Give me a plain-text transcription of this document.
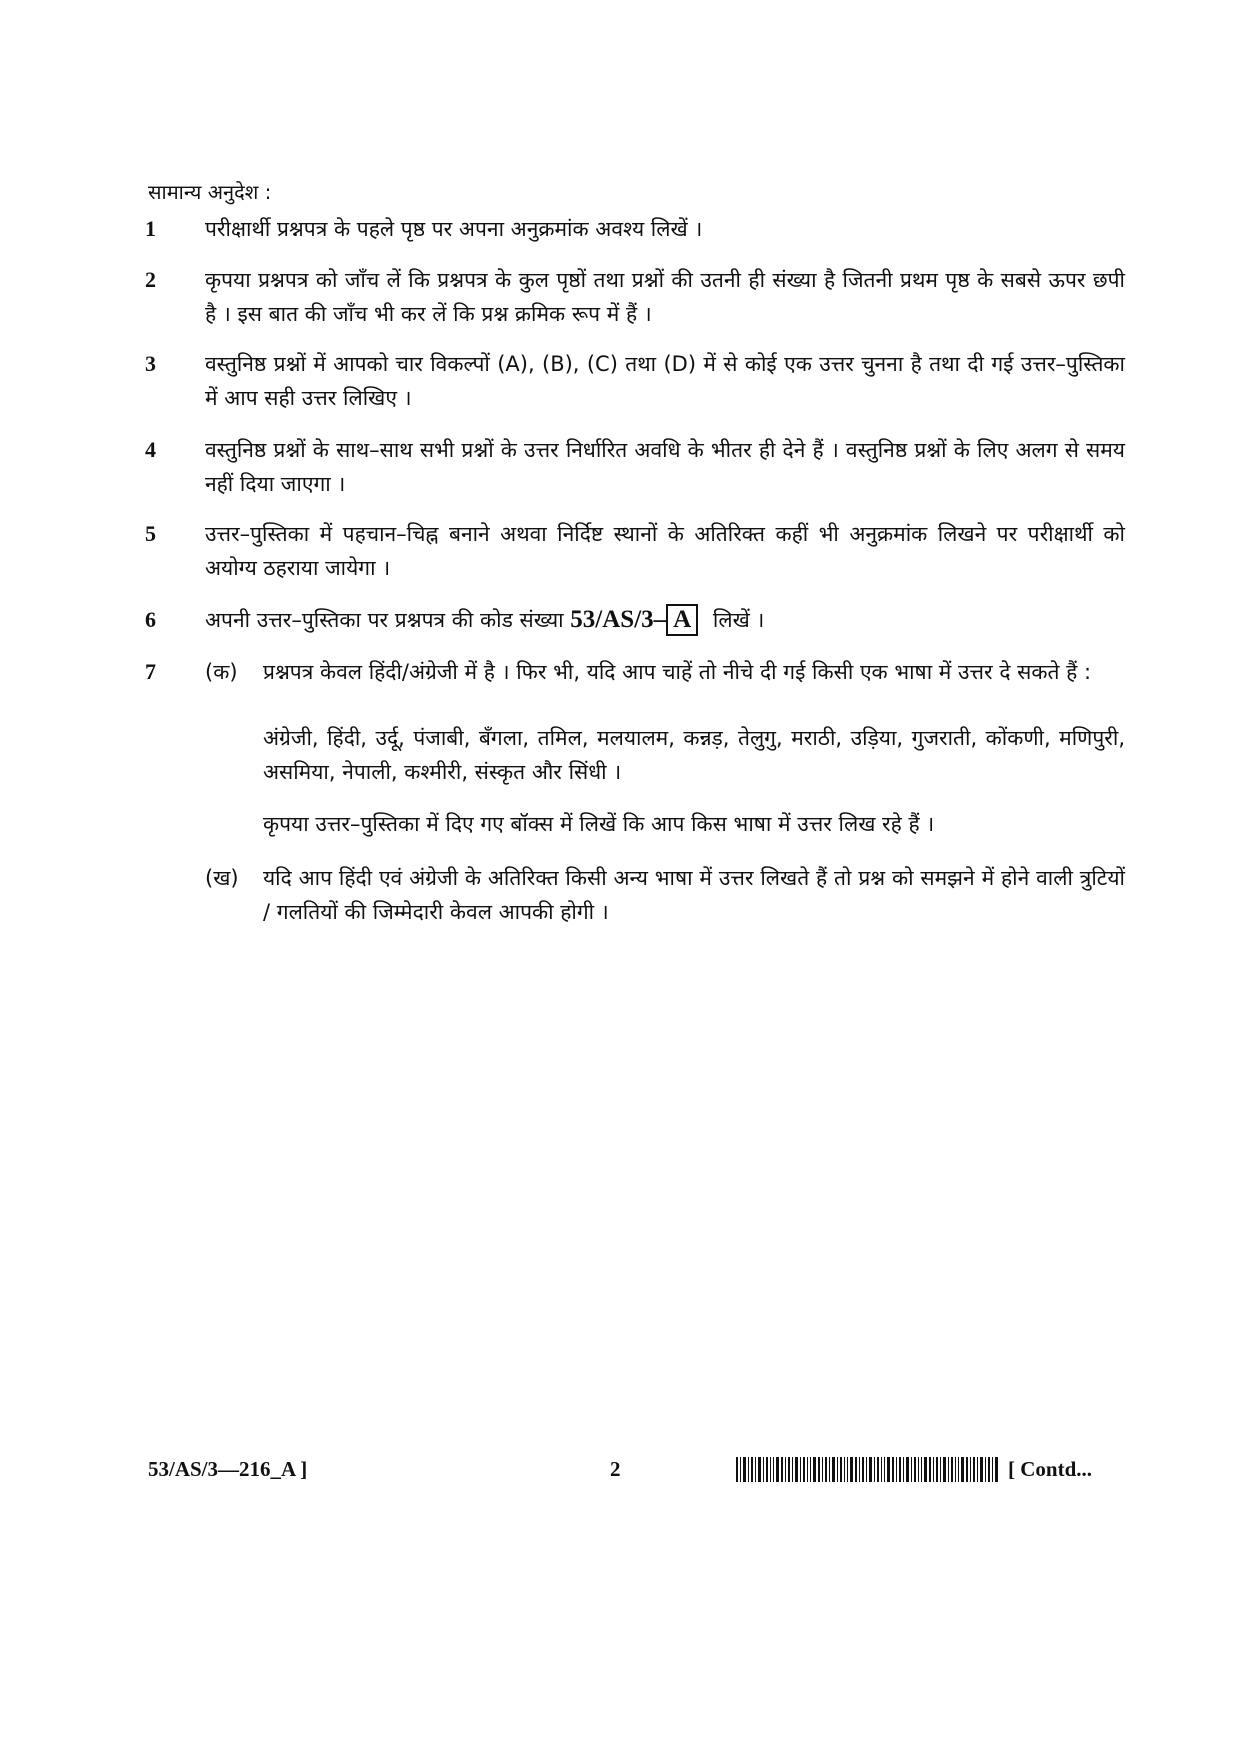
सामान्य अनुदेश :
1	परीक्षार्थी प्रश्नपत्र के पहले पृष्ठ पर अपना अनुक्रमांक अवश्य लिखें ।
2	कृपया प्रश्नपत्र को जाँच लें कि प्रश्नपत्र के कुल पृष्ठों तथा प्रश्नों की उतनी ही संख्या है जितनी प्रथम पृष्ठ के सबसे ऊपर छपी है । इस बात की जाँच भी कर लें कि प्रश्न क्रमिक रूप में हैं ।
3	वस्तुनिष्ठ प्रश्नों में आपको चार विकल्पों (A), (B), (C) तथा (D) में से कोई एक उत्तर चुनना है तथा दी गई उत्तर–पुस्तिका में आप सही उत्तर लिखिए ।
4	वस्तुनिष्ठ प्रश्नों के साथ–साथ सभी प्रश्नों के उत्तर निर्धारित अवधि के भीतर ही देने हैं । वस्तुनिष्ठ प्रश्नों के लिए अलग से समय नहीं दिया जाएगा ।
5	उत्तर–पुस्तिका में पहचान–चिह्न बनाने अथवा निर्दिष्ट स्थानों के अतिरिक्त कहीं भी अनुक्रमांक लिखने पर परीक्षार्थी को अयोग्य ठहराया जायेगा ।
6	अपनी उत्तर–पुस्तिका पर प्रश्नपत्र की कोड संख्या 53/AS/3– A लिखें ।
7	(क) प्रश्नपत्र केवल हिंदी/अंग्रेजी में है । फिर भी, यदि आप चाहें तो नीचे दी गई किसी एक भाषा में उत्तर दे सकते हैं :
अंग्रेजी, हिंदी, उर्दू, पंजाबी, बँगला, तमिल, मलयालम, कन्नड़, तेलुगु, मराठी, उड़िया, गुजराती, कोंकणी, मणिपुरी, असमिया, नेपाली, कश्मीरी, संस्कृत और सिंधी ।
कृपया उत्तर–पुस्तिका में दिए गए बॉक्स में लिखें कि आप किस भाषा में उत्तर लिख रहे हैं ।
(ख) यदि आप हिंदी एवं अंग्रेजी के अतिरिक्त किसी अन्य भाषा में उत्तर लिखते हैं तो प्रश्न को समझने में होने वाली त्रुटियों / गलतियों की जिम्मेदारी केवल आपकी होगी ।
53/AS/3—216_A ]	2	[ Contd...
